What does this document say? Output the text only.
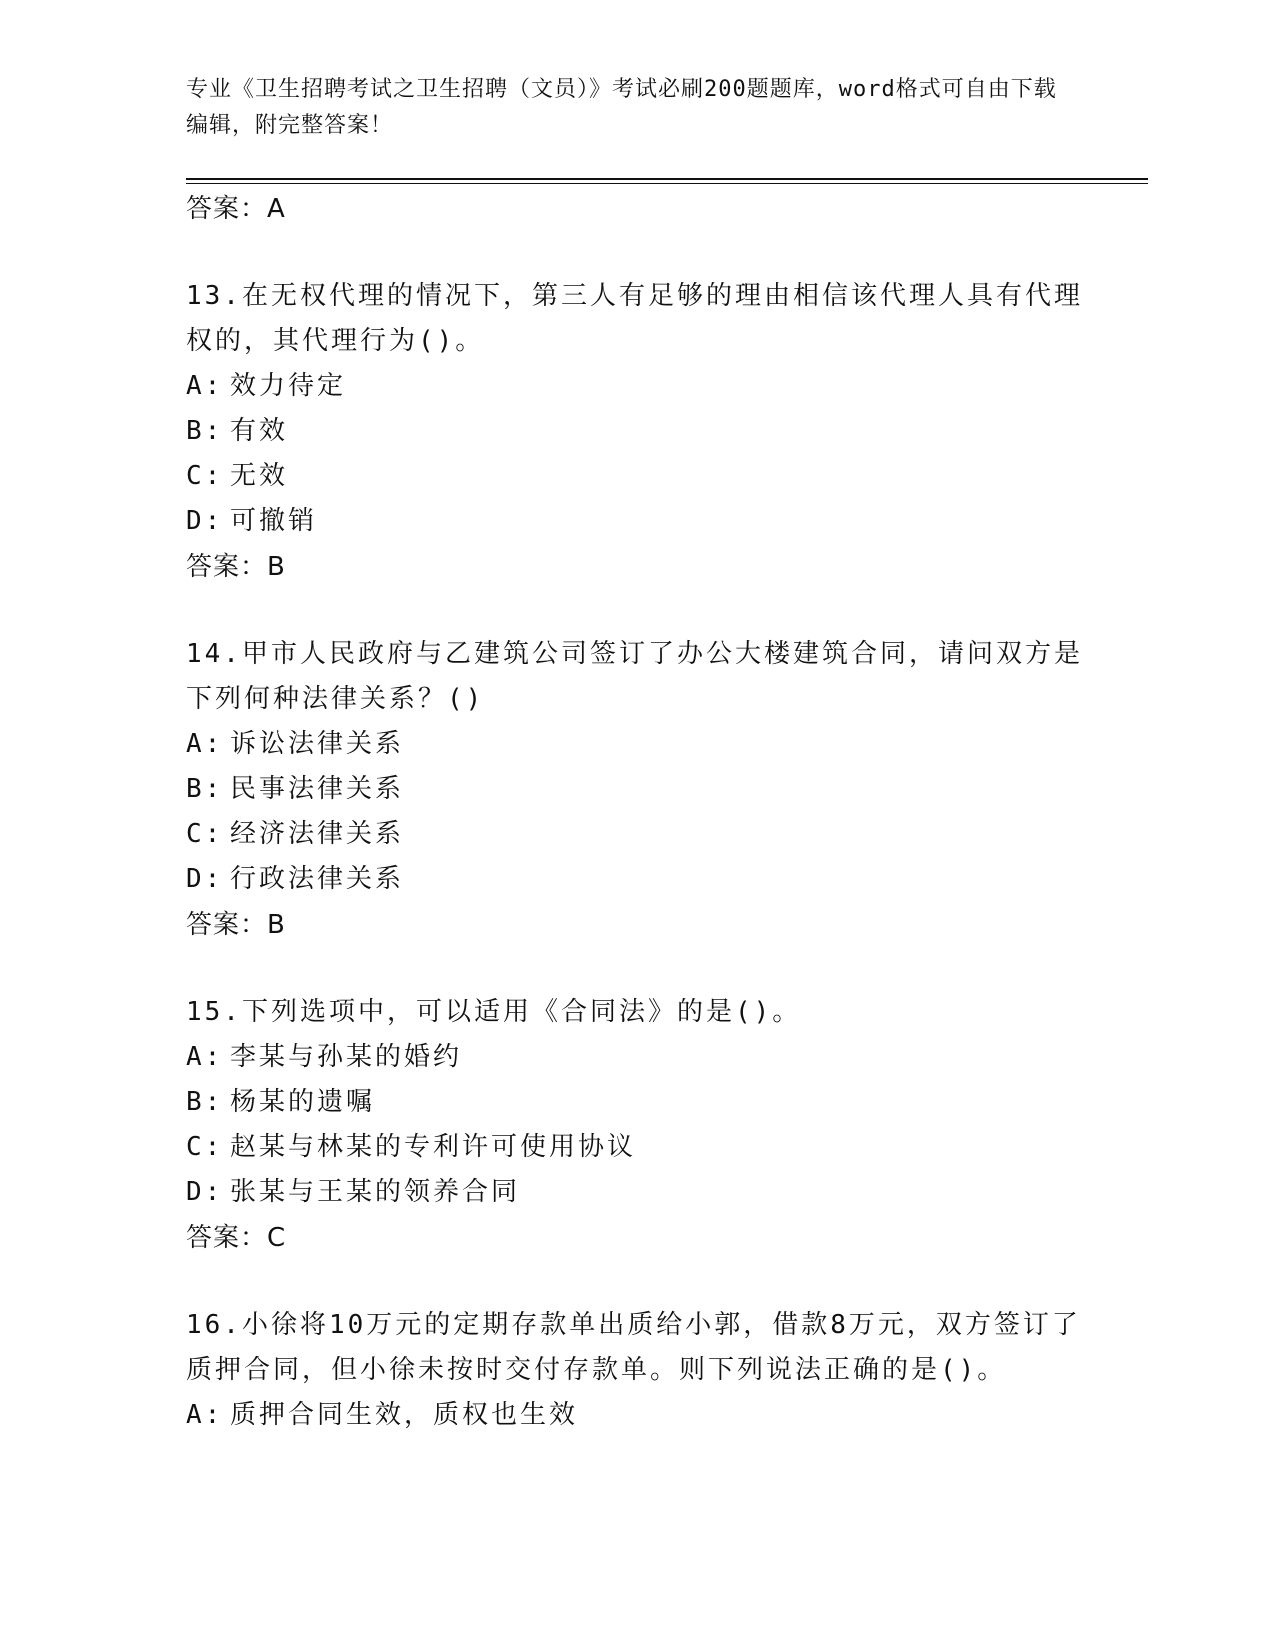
专业《卫生招聘考试之卫生招聘（文员）》考试必刷200题题库，word格式可自由下载编辑，附完整答案！
答案：A
13.在无权代理的情况下，第三人有足够的理由相信该代理人具有代理权的，其代理行为()。
A: 效力待定
B: 有效
C: 无效
D: 可撤销
答案：B
14.甲市人民政府与乙建筑公司签订了办公大楼建筑合同，请问双方是下列何种法律关系？()
A: 诉讼法律关系
B: 民事法律关系
C: 经济法律关系
D: 行政法律关系
答案：B
15.下列选项中，可以适用《合同法》的是()。
A: 李某与孙某的婚约
B: 杨某的遗嘱
C: 赵某与林某的专利许可使用协议
D: 张某与王某的领养合同
答案：C
16.小徐将10万元的定期存款单出质给小郭，借款8万元，双方签订了质押合同，但小徐未按时交付存款单。则下列说法正确的是()。
A: 质押合同生效，质权也生效
